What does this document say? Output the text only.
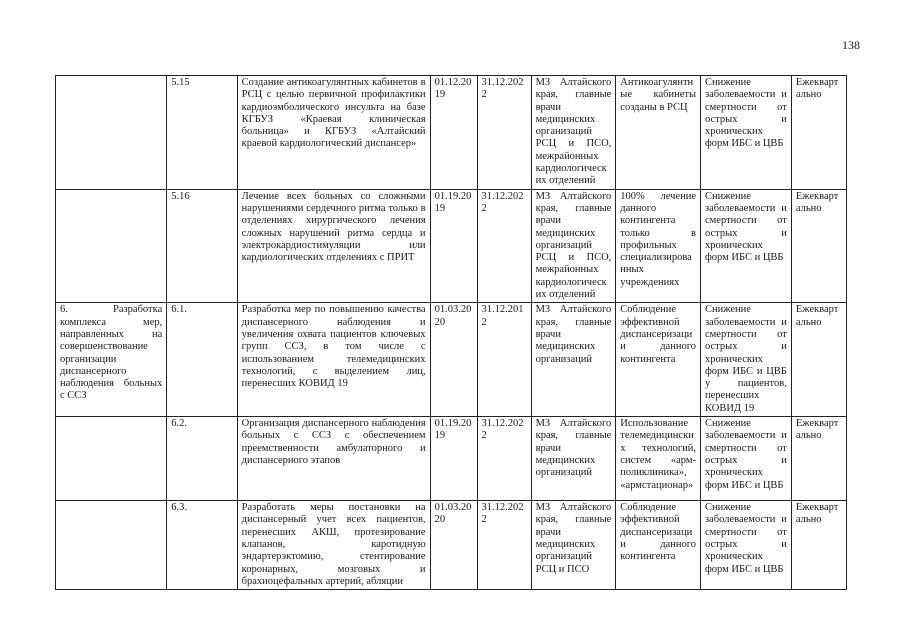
138

	5.15	Создание антикоагулянтных кабинетов в РСЦ с целью первичной профилактики кардиоэмболического инсульта на базе КГБУЗ «Краевая клиническая больница» и КГБУЗ «Алтайский краевой кардиологический диспансер»	01.12.2019	31.12.2022	МЗ Алтайского края, главные врачи медицинских организаций РСЦ и ПСО, межрайонных кардиологических отделений	Антикоагулянтные кабинеты созданы в РСЦ	Снижение заболеваемости и смертности от острых и хронических форм ИБС и ЦВБ	Ежеквартально

	5.16	Лечение всех больных со сложными нарушениями сердечного ритма только в отделениях хирургического лечения сложных нарушений ритма сердца и электрокардиостимуляции или кардиологических отделениях с ПРИТ	01.19.2019	31.12.2022	МЗ Алтайского края, главные врачи медицинских организаций РСЦ и ПСО, межрайонных кардиологических отделений	100% лечение данного контингента только в профильных специализированных учреждениях	Снижение заболеваемости и смертности от острых и хронических форм ИБС и ЦВБ	Ежеквартально

6. Разработка комплекса мер, направленных на совершенствование организации диспансерного наблюдения больных с ССЗ	6.1.	Разработка мер по повышению качества диспансерного наблюдения и увеличения охвата пациентов ключевых групп ССЗ, в том числе с использованием телемедицинских технологий, с выделением лиц, перенесших КОВИД 19	01.03.2020	31.12.2012	МЗ Алтайского края, главные врачи медицинских организаций	Соблюдение эффективной диспансеризации данного контингента	Снижение заболеваемости и смертности от острых и хронических форм ИБС и ЦВБ у пациентов, перенесших КОВИД 19	Ежеквартально

	6.2.	Организация диспансерного наблюдения больных с ССЗ с обеспечением преемственности амбулаторного и диспансерного этапов	01.19.2019	31.12.2022	МЗ Алтайского края, главные врачи медицинских организаций	Использование телемедицинских технологий, систем «арм-поликлиника», «армстационар»	Снижение заболеваемости и смертности от острых и хронических форм ИБС и ЦВБ	Ежеквартально

	6.3.	Разработать меры постановки на диспансерный учет всех пациентов, перенесших АКШ, протезирование клапанов, каротидную эндартерэктомию, стентирование коронарных, мозговых и брахиоцефальных артерий, абляции	01.03.2020	31.12.2022	МЗ Алтайского края, главные врачи медицинских организаций РСЦ и ПСО	Соблюдение эффективной диспансеризации данного контингента	Снижение заболеваемости и смертности от острых и хронических форм ИБС и ЦВБ	Ежеквартально
